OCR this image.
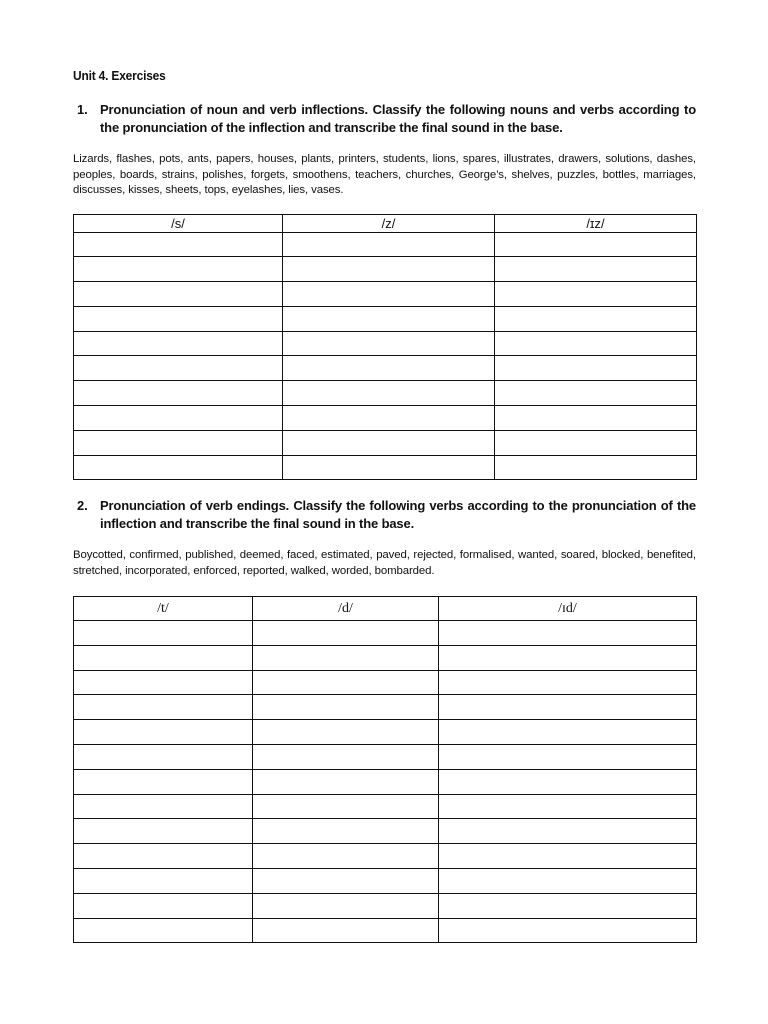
Unit 4. Exercises
1. Pronunciation of noun and verb inflections. Classify the following nouns and verbs according to the pronunciation of the inflection and transcribe the final sound in the base.
Lizards, flashes, pots, ants, papers, houses, plants, printers, students, lions, spares, illustrates, drawers, solutions, dashes, peoples, boards, strains, polishes, forgets, smoothens, teachers, churches, George’s, shelves, puzzles, bottles, marriages, discusses, kisses, sheets, tops, eyelashes, lies, vases.
/s/	/z/	/ɪz/

2. Pronunciation of verb endings. Classify the following verbs according to the pronunciation of the inflection and transcribe the final sound in the base.
Boycotted, confirmed, published, deemed, faced, estimated, paved, rejected, formalised, wanted, soared, blocked, benefited, stretched, incorporated, enforced, reported, walked, worded, bombarded.
/t/	/d/	/ɪd/
